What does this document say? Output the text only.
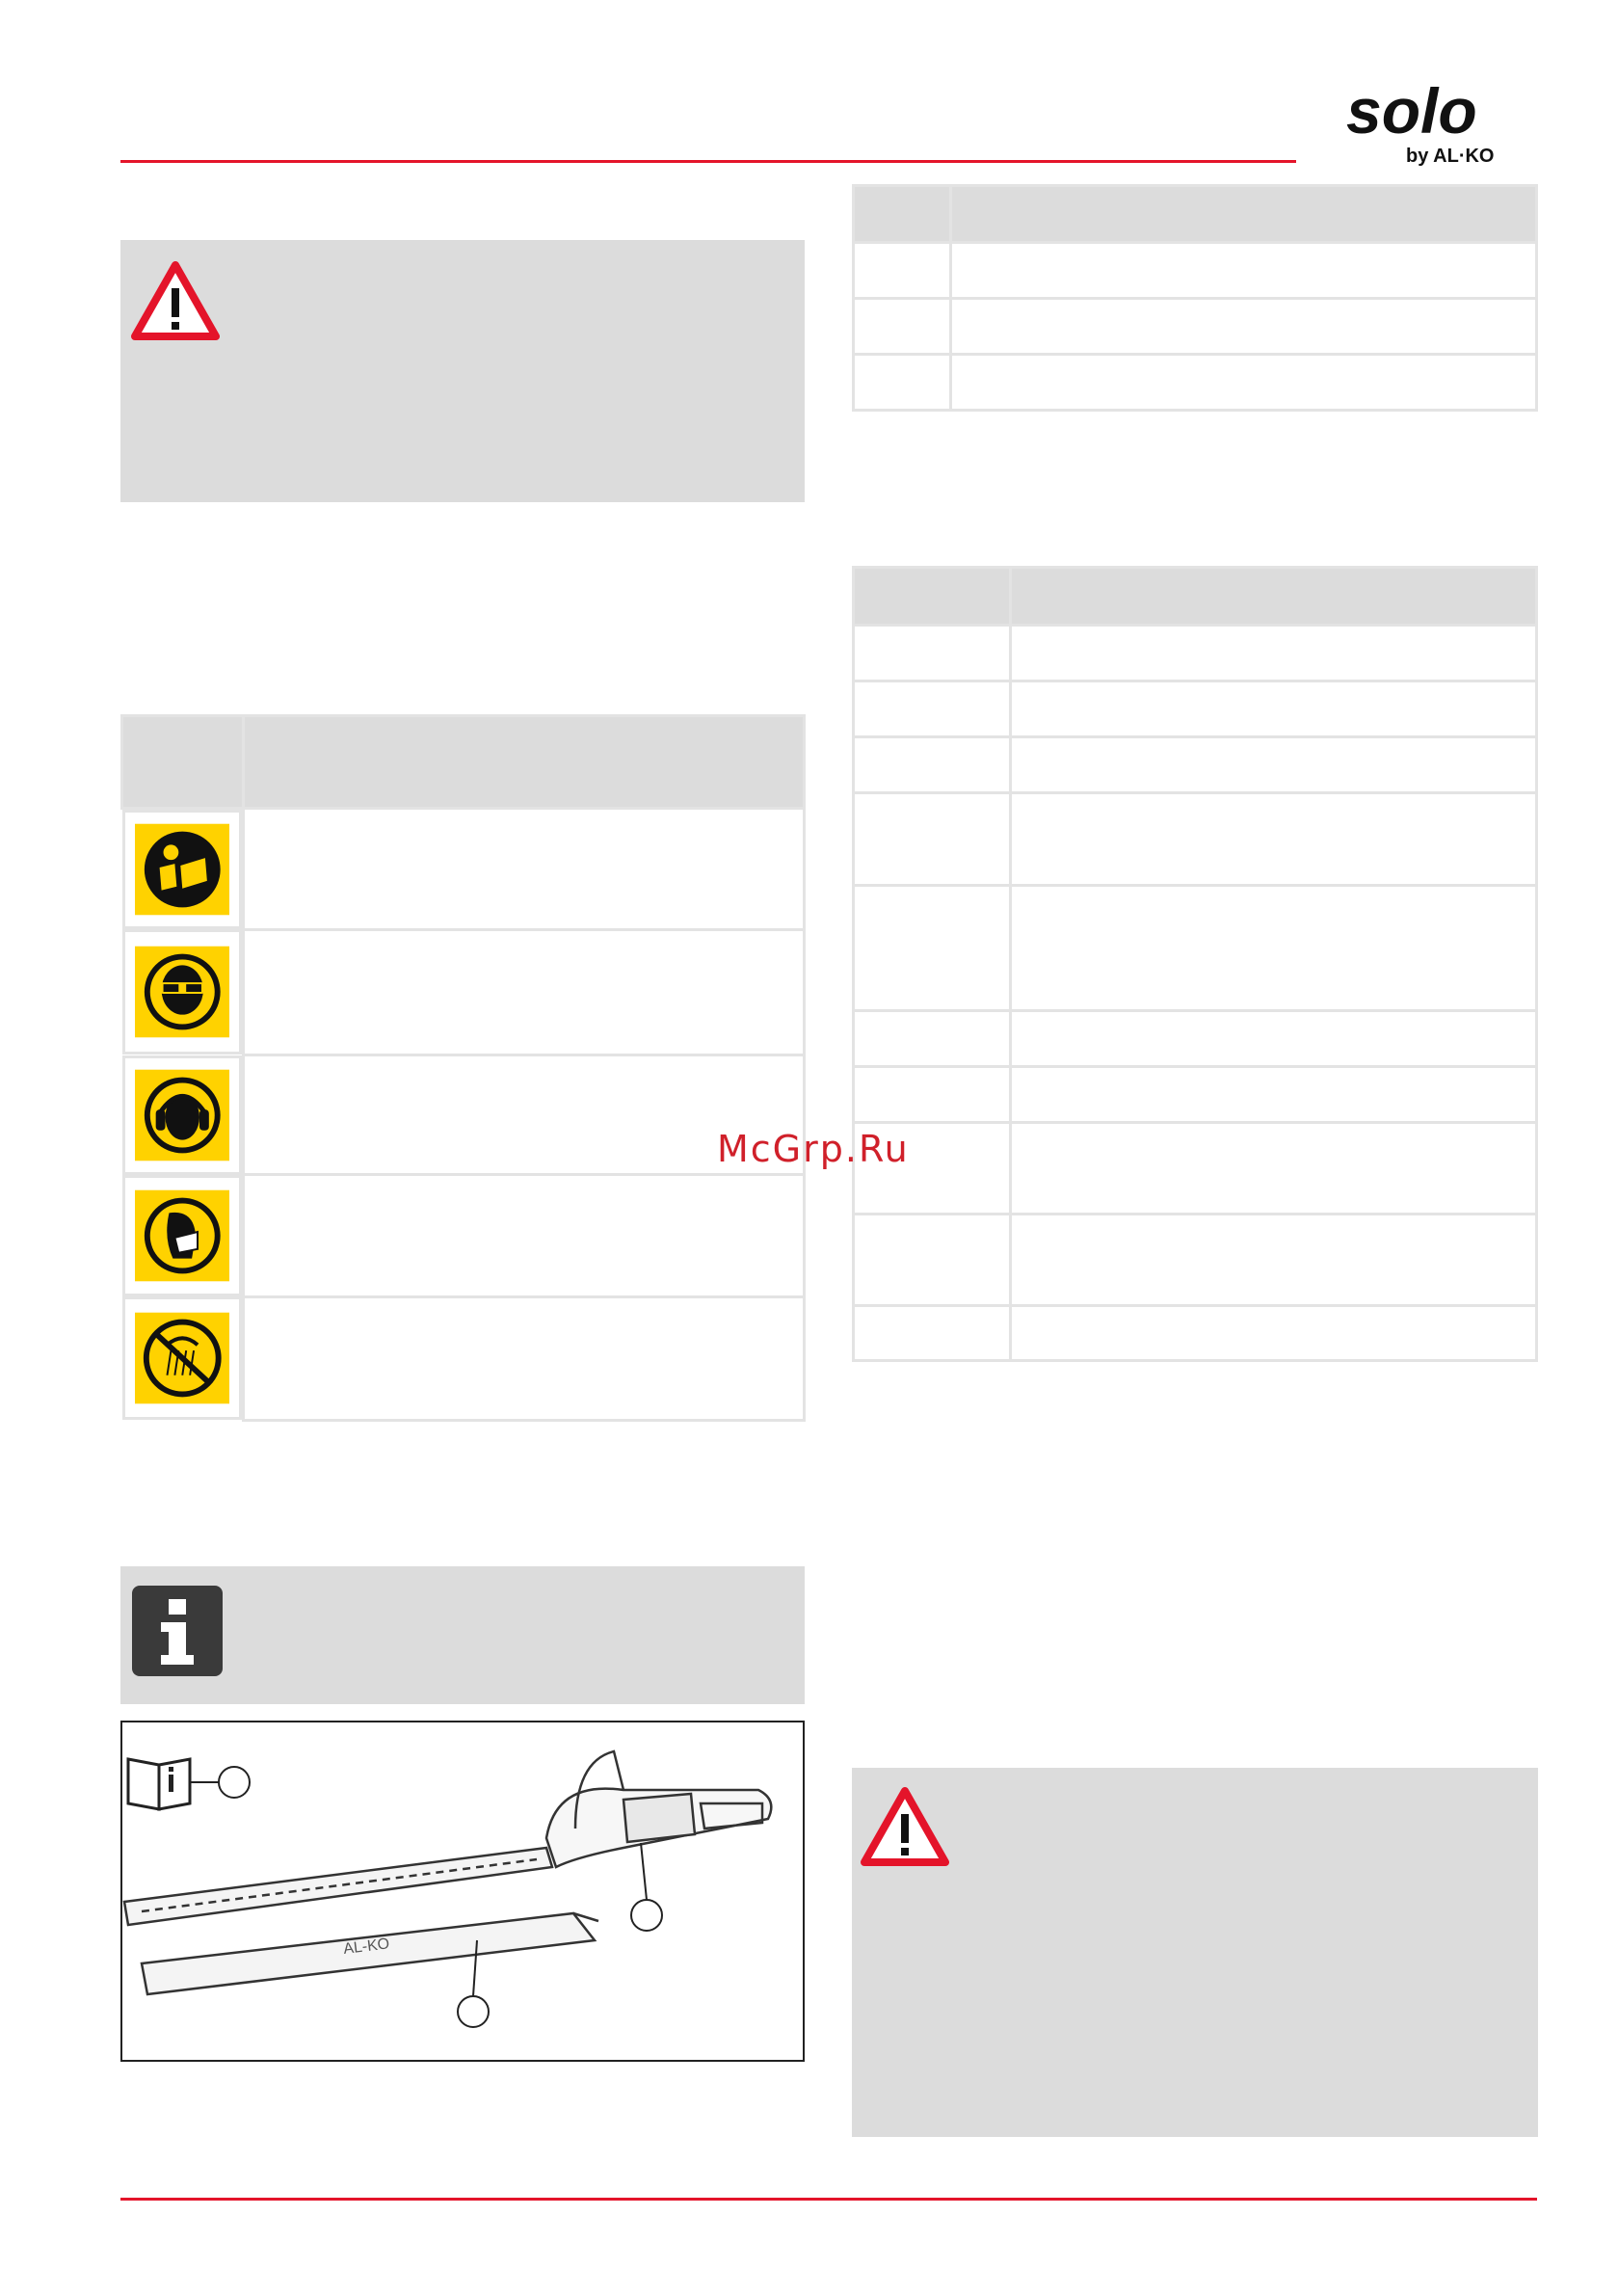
solo
by AL·KO

AL-KO

McGrp.Ru
